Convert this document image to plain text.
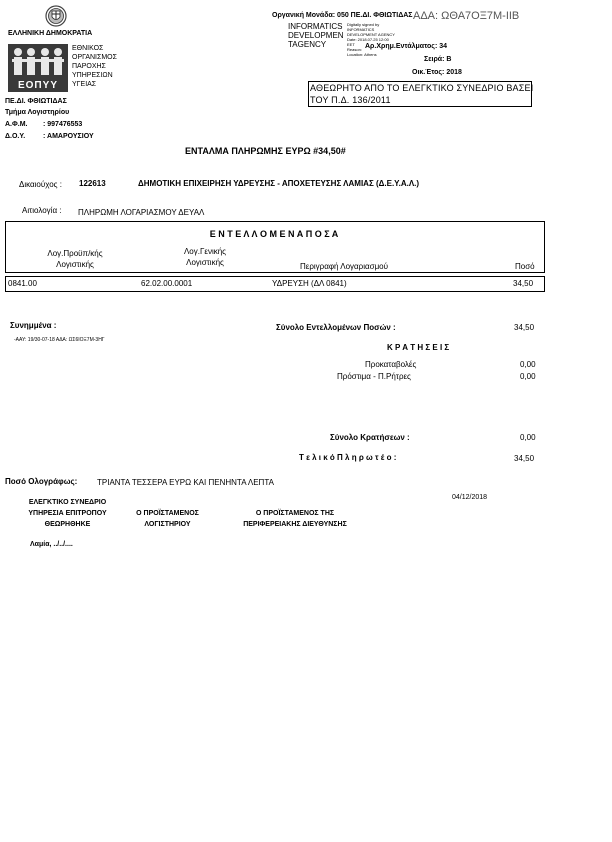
ΕΛΛΗΝΙΚΗ ΔΗΜΟΚΡΑΤΙΑ
ΕΟΠΥΥ
ΕΘΝΙΚΟΣ
ΟΡΓΑΝΙΣΜΟΣ
ΠΑΡΟΧΗΣ
ΥΠΗΡΕΣΙΩΝ
ΥΓΕΙΑΣ
ΠΕ.ΔΙ. ΦΘΙΩΤΙΔΑΣ
Τμήμα Λογιστηρίου
Α.Φ.Μ. : 997476553
Δ.Ο.Υ.	: ΑΜΑΡΟΥΣΙΟΥ
Οργανική Μονάδα: 050 ΠΕ.ΔΙ. ΦΘΙΩΤΙΔΑΣ ΑΔΑ: ΩΘΑ7ΟΞ7Μ-ΙΙΒ
INFORMATICS
DEVELOPMEN
TAGENCY
Digitally signed by
INFORMATICS
DEVELOPMENT AGENCY
Date: 2018.07.25 12:00
EET
Reason:
Location: Athens
Αρ.Χρημ.Εντάλματος: 34
Σειρά: Β
Οικ.Έτος: 2018
ΑΘΕΩΡΗΤΟ ΑΠΟ ΤΟ ΕΛΕΓΚΤΙΚΟ ΣΥΝΕΔΡΙΟ ΒΑΣΕΙ ΤΟΥ Π.Δ. 136/2011
ΕΝΤΑΛΜΑ ΠΛΗΡΩΜΗΣ ΕΥΡΩ #34,50#
Δικαιούχος : 122613	ΔΗΜΟΤΙΚΗ ΕΠΙΧΕΙΡΗΣΗ ΥΔΡΕΥΣΗΣ - ΑΠΟΧΕΤΕΥΣΗΣ ΛΑΜΙΑΣ (Δ.Ε.Υ.Α.Λ.)
Αιτιολογία : ΠΛΗΡΩΜΗ ΛΟΓΑΡΙΑΣΜΟΥ ΔΕΥΑΛ
Ε Ν Τ Ε Λ Λ Ο Μ Ε Ν Α Π Ο Σ Α
Λογ.Προϋπ/κής
Λογιστικής
Λογ.Γενικής
Λογιστικής	Περιγραφή Λογαριασμού	Ποσό
0841.00	62.02.00.0001	ΥΔΡΕΥΣΗ (ΔΛ 0841)	34,50
Συνημμένα :
-ΑΑΥ: 19/30-07-18 ΑΔΑ: ΩΣ6ΙΟΞ7Μ-3ΗΓ
Σύνολο Εντελλομένων Ποσών :	34,50
Κ Ρ Α Τ Η Σ Ε Ι Σ
Προκαταβολές	0,00
Πρόστιμα - Π.Ρήτρες	0,00
Σύνολο Κρατήσεων :	0,00
Τ ε λ ι κ ό Π λ η ρ ω τ έ ο :	34,50
Ποσό Ολογράφως: ΤΡΙΑΝΤΑ ΤΕΣΣΕΡΑ ΕΥΡΩ ΚΑΙ ΠΕΝΗΝΤΑ ΛΕΠΤΑ
04/12/2018
ΕΛΕΓΚΤΙΚΟ ΣΥΝΕΔΡΙΟ
ΥΠΗΡΕΣΙΑ ΕΠΙΤΡΟΠΟΥ
ΘΕΩΡΗΘΗΚΕ
Ο ΠΡΟΪΣΤΑΜΕΝΟΣ
ΛΟΓΙΣΤΗΡΙΟΥ
Ο ΠΡΟΪΣΤΑΜΕΝΟΣ ΤΗΣ
ΠΕΡΙΦΕΡΕΙΑΚΗΣ ΔΙΕΥΘΥΝΣΗΣ
Λαμία, ../../....
